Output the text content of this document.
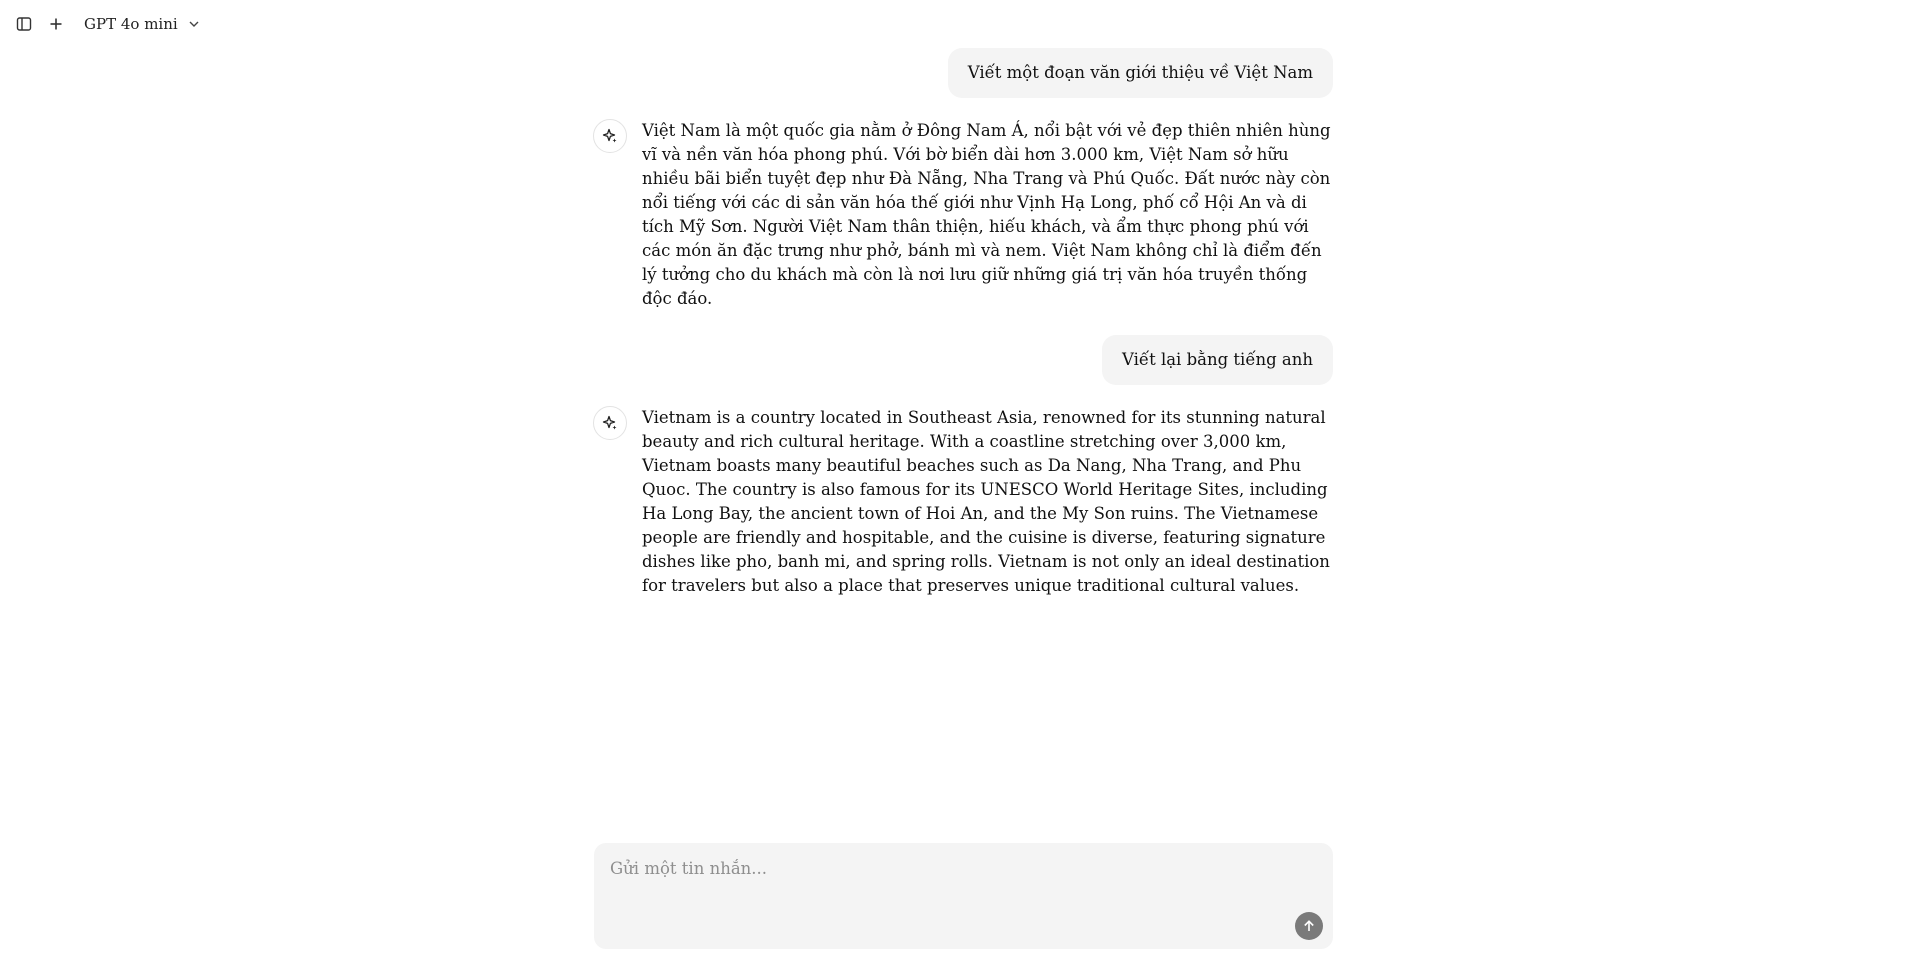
GPT 4o mini
Viết một đoạn văn giới thiệu về Việt Nam
Việt Nam là một quốc gia nằm ở Đông Nam Á, nổi bật với vẻ đẹp thiên nhiên hùng vĩ và nền văn hóa phong phú. Với bờ biển dài hơn 3.000 km, Việt Nam sở hữu nhiều bãi biển tuyệt đẹp như Đà Nẵng, Nha Trang và Phú Quốc. Đất nước này còn nổi tiếng với các di sản văn hóa thế giới như Vịnh Hạ Long, phố cổ Hội An và di tích Mỹ Sơn. Người Việt Nam thân thiện, hiếu khách, và ẩm thực phong phú với các món ăn đặc trưng như phở, bánh mì và nem. Việt Nam không chỉ là điểm đến lý tưởng cho du khách mà còn là nơi lưu giữ những giá trị văn hóa truyền thống độc đáo.
Viết lại bằng tiếng anh
Vietnam is a country located in Southeast Asia, renowned for its stunning natural beauty and rich cultural heritage. With a coastline stretching over 3,000 km, Vietnam boasts many beautiful beaches such as Da Nang, Nha Trang, and Phu Quoc. The country is also famous for its UNESCO World Heritage Sites, including Ha Long Bay, the ancient town of Hoi An, and the My Son ruins. The Vietnamese people are friendly and hospitable, and the cuisine is diverse, featuring signature dishes like pho, banh mi, and spring rolls. Vietnam is not only an ideal destination for travelers but also a place that preserves unique traditional cultural values.
Gửi một tin nhắn...
